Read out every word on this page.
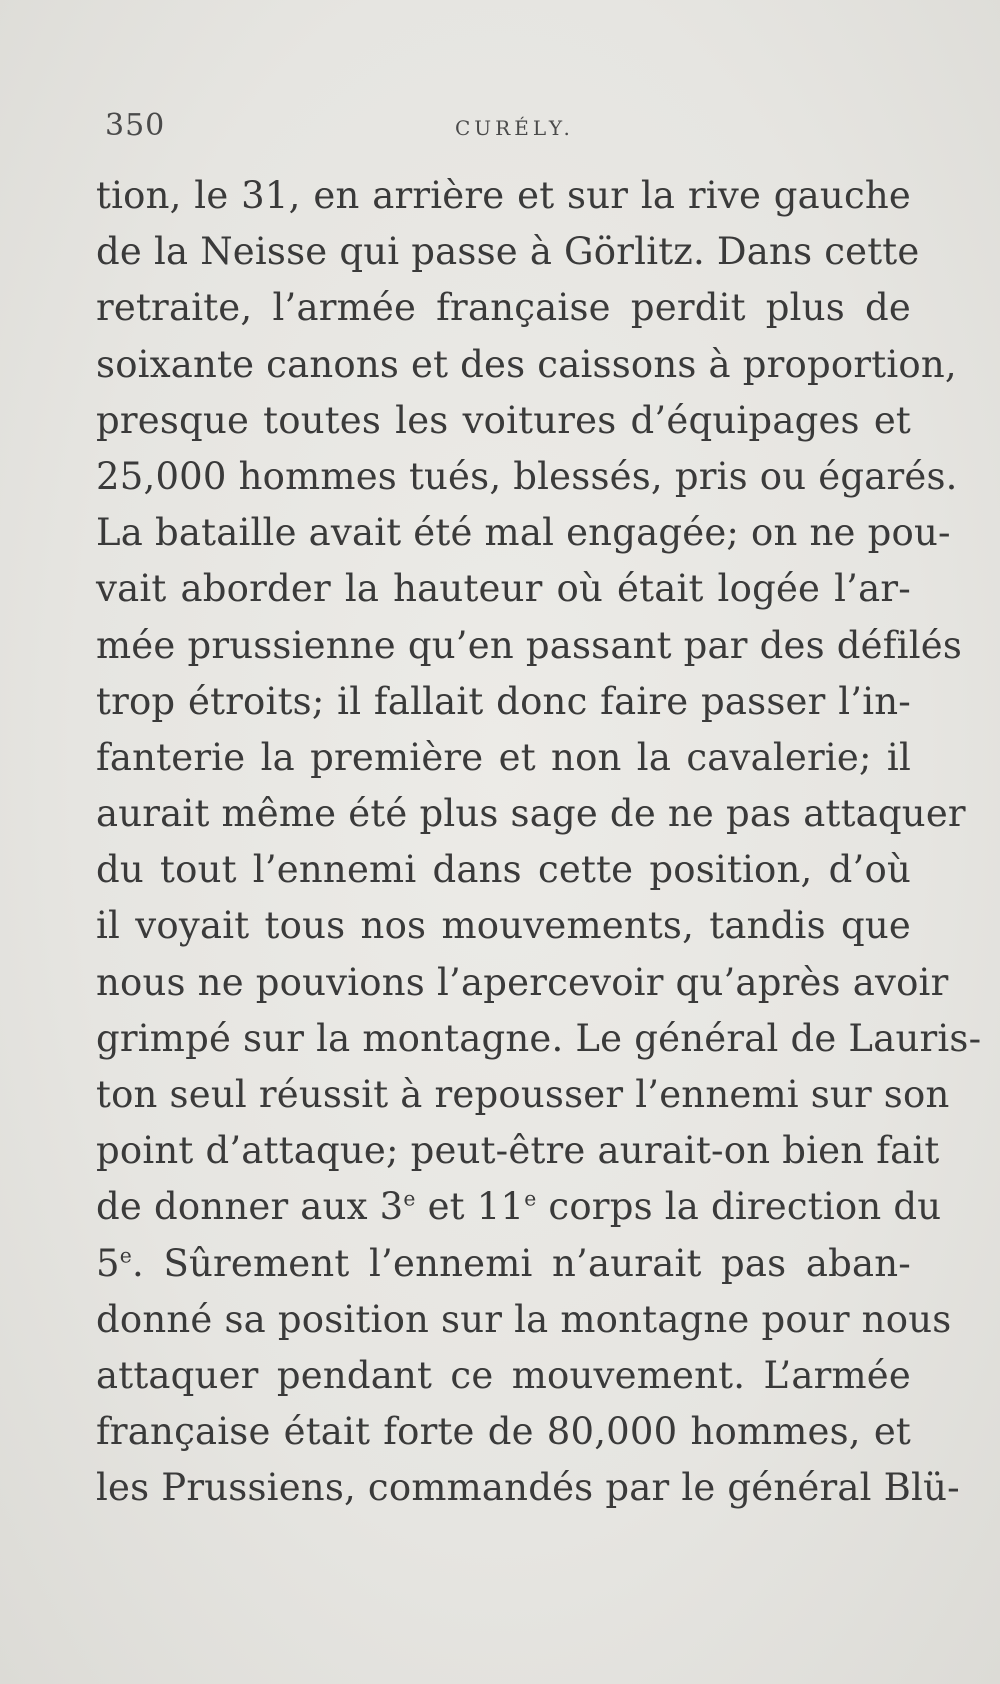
350	CURÉLY.
tion, le 31, en arrière et sur la rive gauche
de la Neisse qui passe à Görlitz. Dans cette
retraite, l’armée française perdit plus de
soixante canons et des caissons à proportion,
presque toutes les voitures d’équipages et
25,000 hommes tués, blessés, pris ou égarés.
La bataille avait été mal engagée; on ne pou-
vait aborder la hauteur où était logée l’ar-
mée prussienne qu’en passant par des défilés
trop étroits; il fallait donc faire passer l’in-
fanterie la première et non la cavalerie; il
aurait même été plus sage de ne pas attaquer
du tout l’ennemi dans cette position, d’où
il voyait tous nos mouvements, tandis que
nous ne pouvions l’apercevoir qu’après avoir
grimpé sur la montagne. Le général de Lauris-
ton seul réussit à repousser l’ennemi sur son
point d’attaque; peut-être aurait-on bien fait
de donner aux 3e et 11e corps la direction du
5e. Sûrement l’ennemi n’aurait pas aban-
donné sa position sur la montagne pour nous
attaquer pendant ce mouvement. L’armée
française était forte de 80,000 hommes, et
les Prussiens, commandés par le général Blü-
